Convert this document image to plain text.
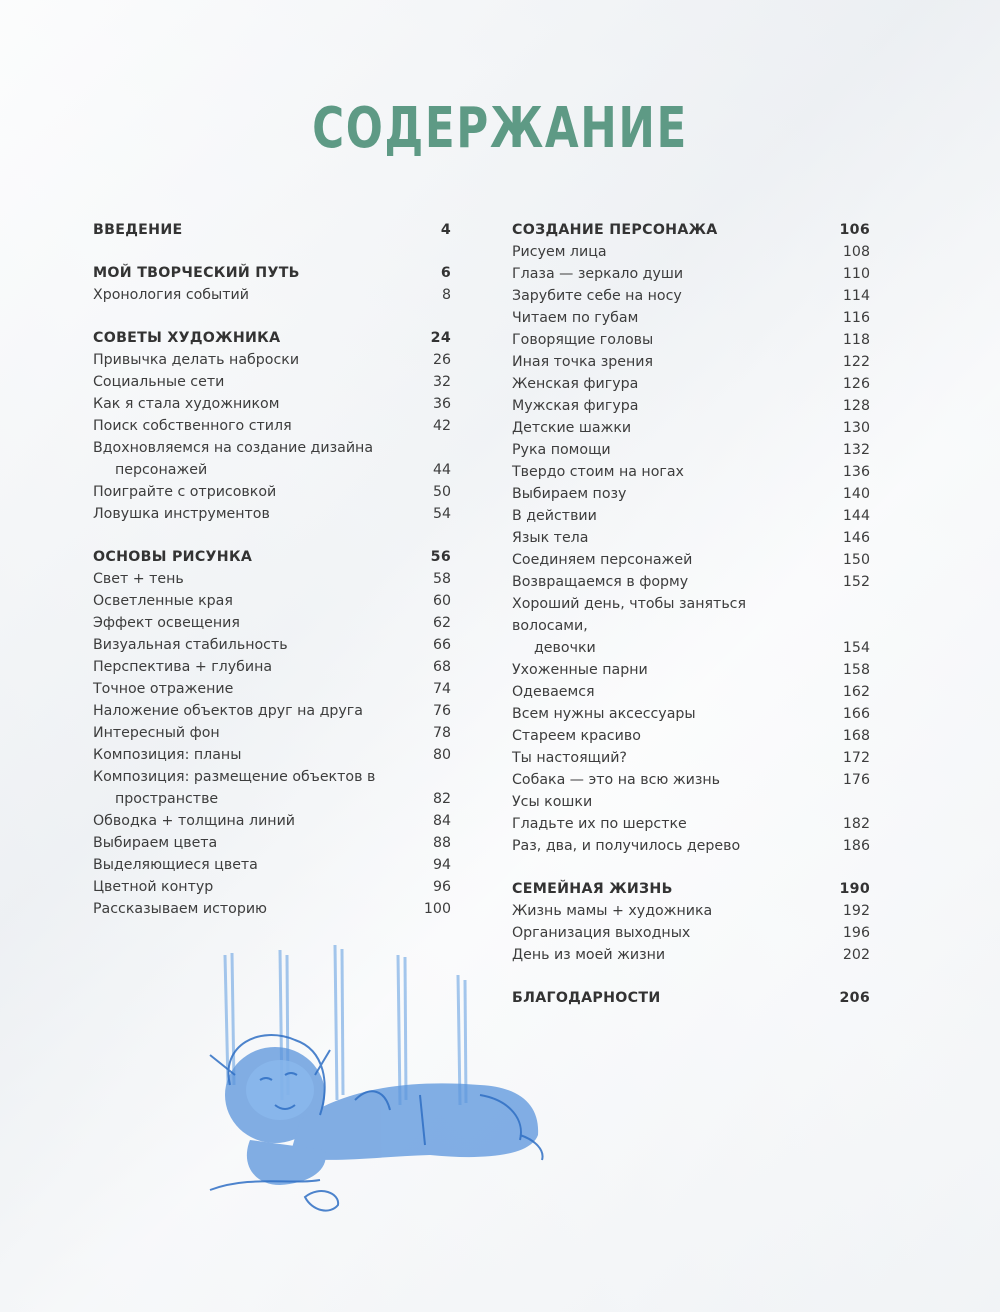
СОДЕРЖАНИЕ
ВВЕДЕНИЕ	4
МОЙ ТВОРЧЕСКИЙ ПУТЬ	6
Хронология событий	8
СОВЕТЫ ХУДОЖНИКА	24
Привычка делать наброски	26
Социальные сети	32
Как я стала художником	36
Поиск собственного стиля	42
Вдохновляемся на создание дизайна
персонажей	44
Поиграйте с отрисовкой	50
Ловушка инструментов	54
ОСНОВЫ РИСУНКА	56
Свет + тень	58
Осветленные края	60
Эффект освещения	62
Визуальная стабильность	66
Перспектива + глубина	68
Точное отражение	74
Наложение объектов друг на друга	76
Интересный фон	78
Композиция: планы	80
Композиция: размещение объектов в
пространстве	82
Обводка + толщина линий	84
Выбираем цвета	88
Выделяющиеся цвета	94
Цветной контур	96
Рассказываем историю	100
СОЗДАНИЕ ПЕРСОНАЖА	106
Рисуем лица	108
Глаза — зеркало души	110
Зарубите себе на носу	114
Читаем по губам	116
Говорящие головы	118
Иная точка зрения	122
Женская фигура	126
Мужская фигура	128
Детские шажки	130
Рука помощи	132
Твердо стоим на ногах	136
Выбираем позу	140
В действии	144
Язык тела	146
Соединяем персонажей	150
Возвращаемся в форму	152
Хороший день, чтобы заняться волосами,
девочки	154
Ухоженные парни	158
Одеваемся	162
Всем нужны аксессуары	166
Стареем красиво	168
Ты настоящий?	172
Собака — это на всю жизнь	176
Усы кошки
Гладьте их по шерстке	182
Раз, два, и получилось дерево	186
СЕМЕЙНАЯ ЖИЗНЬ	190
Жизнь мамы + художника	192
Организация выходных	196
День из моей жизни	202
БЛАГОДАРНОСТИ	206
